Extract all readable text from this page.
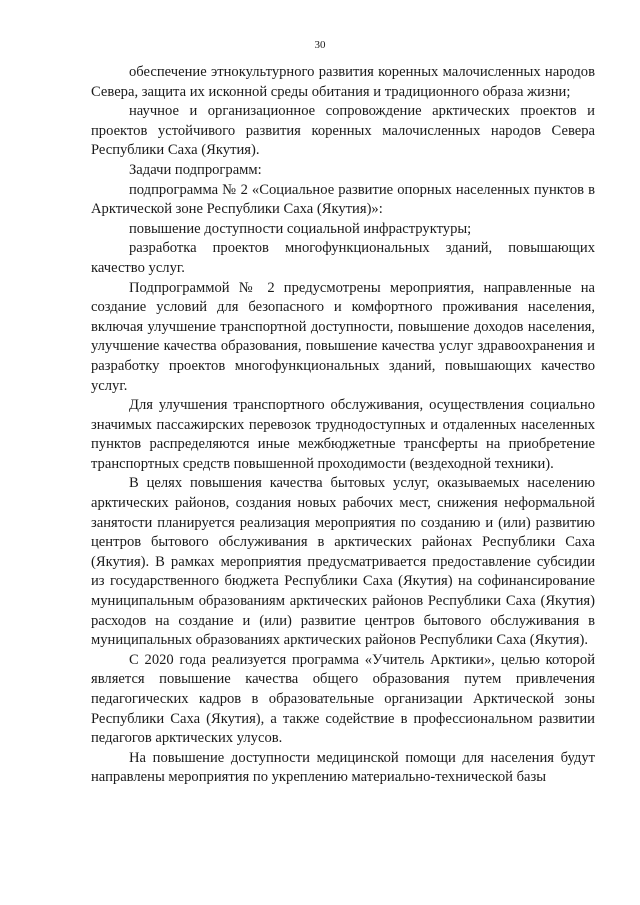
30

обеспечение этнокультурного развития коренных малочисленных народов Севера, защита их исконной среды обитания и традиционного образа жизни;

научное и организационное сопровождение арктических проектов и проектов устойчивого развития коренных малочисленных народов Севера Республики Саха (Якутия).

Задачи подпрограмм:

подпрограмма № 2 «Социальное развитие опорных населенных пунктов в Арктической зоне Республики Саха (Якутия)»:

повышение доступности социальной инфраструктуры;

разработка проектов многофункциональных зданий, повышающих качество услуг.

Подпрограммой № 2 предусмотрены мероприятия, направленные на создание условий для безопасного и комфортного проживания населения, включая улучшение транспортной доступности, повышение доходов населения, улучшение качества образования, повышение качества услуг здравоохранения и разработку проектов многофункциональных зданий, повышающих качество услуг.

Для улучшения транспортного обслуживания, осуществления социально значимых пассажирских перевозок труднодоступных и отдаленных населенных пунктов распределяются иные межбюджетные трансферты на приобретение транспортных средств повышенной проходимости (вездеходной техники).

В целях повышения качества бытовых услуг, оказываемых населению арктических районов, создания новых рабочих мест, снижения неформальной занятости планируется реализация мероприятия по созданию и (или) развитию центров бытового обслуживания в арктических районах Республики Саха (Якутия). В рамках мероприятия предусматривается предоставление субсидии из государственного бюджета Республики Саха (Якутия) на софинансирование муниципальным образованиям арктических районов Республики Саха (Якутия) расходов на создание и (или) развитие центров бытового обслуживания в муниципальных образованиях арктических районов Республики Саха (Якутия).

С 2020 года реализуется программа «Учитель Арктики», целью которой является повышение качества общего образования путем привлечения педагогических кадров в образовательные организации Арктической зоны Республики Саха (Якутия), а также содействие в профессиональном развитии педагогов арктических улусов.

На повышение доступности медицинской помощи для населения будут направлены мероприятия по укреплению материально-технической базы
